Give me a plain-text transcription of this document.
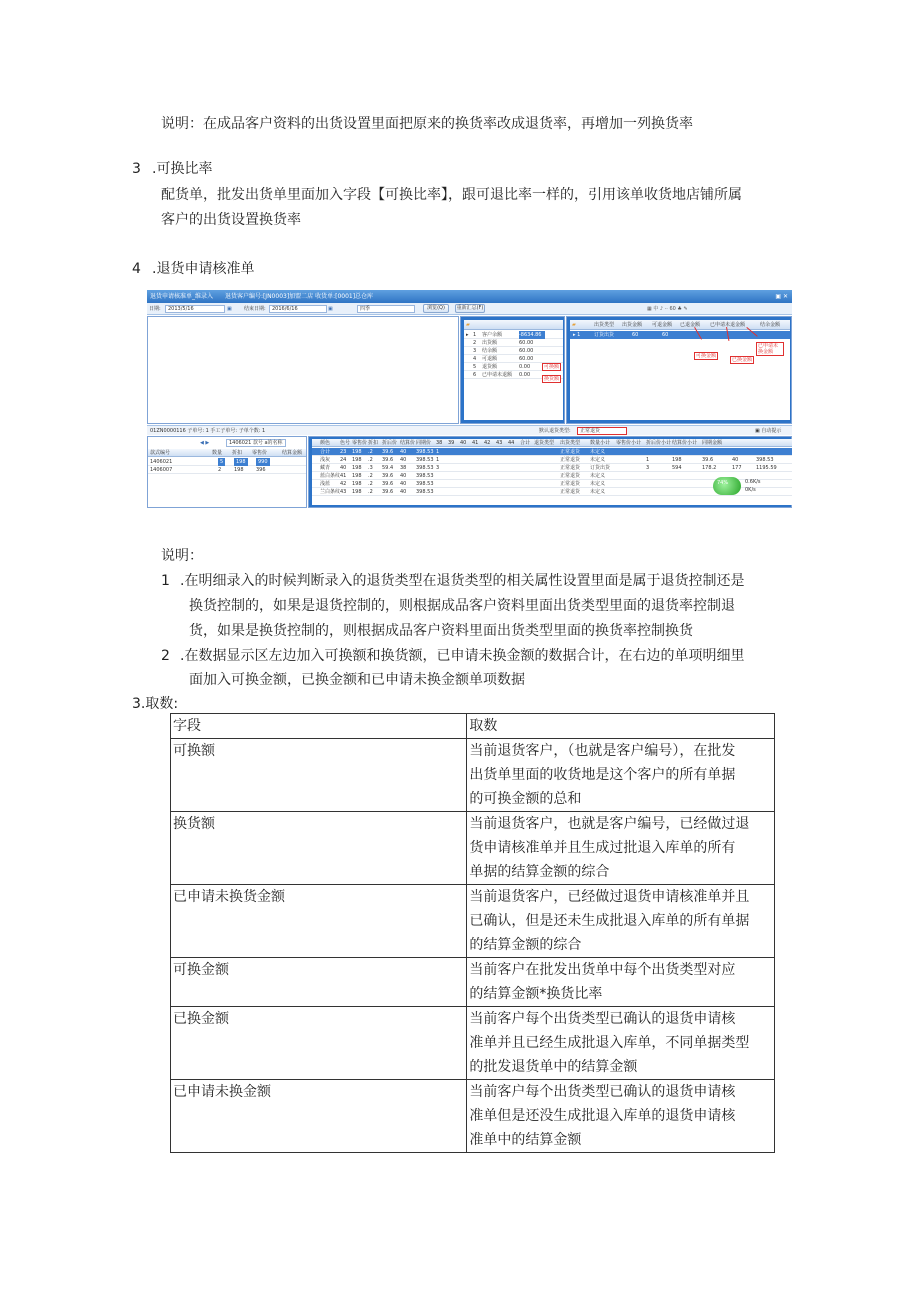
说明：在成品客户资料的出货设置里面把原来的换货率改成退货率，再增加一列换货率
3 .可换比率
配货单，批发出货单里面加入字段【可换比率】，跟可退比率一样的，引用该单收货地店铺所属
客户的出货设置换货率
4 .退货申请核准单
退货申请核准单_维录入 退货客户编号:[JN0003]加盟二店 收货单:[0001]总仓库	▣ ✕
日期:	2013/5/16	▣ 结束日期:	2016/6/16	▣	四季	浏览(Q)	重新汇总(F)	▦ 中 ♪ ·· 60 ♣ ✎
▰
▸ 1 客户余额	-8634.86
2 出货额	60.00
3 结余额	60.00
4 可退额	60.00
5 退货额	0.00
6 已申请未退额 0.00
可换额
换货额
▰	出货类型 出货金额 可退金额 已退金额 已申请未退金额	结余金额
▸ 1	订货出货	60	60
可换金额
已换金额
已申请未换金额
01ZN0000116 子单号: 1 手工子单号: 子单个数: 1	默认退货类型:	正常退货	▣ 自动提示
◀ ▶	1406021 款号 a的名称
款式编号	数量 折扣 零售价	结算金额
1406021	5	198	990
1406007	2	198 396
颜色 色号 零售价 折扣 折后价 结算价 同期价 38 39 40 41 42 43 44 合计 退货类型 出货类型 数量小计 零售价小计 折后价小计 结算价小计 同期金额
合计 23 198 .2 39.6 40 398.53 1	正常退货 未定义
浅灰 24 198 .2 39.6 40 398.53 1	正常退货 未定义	1	198	39.6	40	398.53
藏青 40 198 .3 59.4 38 398.53 3	正常退货 订货出货	3	594	178.2	177	1195.59
蓝白条纹 41 198 .2 39.6 40 398.53	正常退货 未定义
浅蓝 42 198 .2 39.6 40 398.53	正常退货 未定义
兰白条纹 43 198 .2 39.6 40 398.53	正常退货 未定义
74%	0.6K/s
0K/s
说明：
1 .在明细录入的时候判断录入的退货类型在退货类型的相关属性设置里面是属于退货控制还是
换货控制的，如果是退货控制的，则根据成品客户资料里面出货类型里面的退货率控制退
货，如果是换货控制的，则根据成品客户资料里面出货类型里面的换货率控制换货
2 .在数据显示区左边加入可换额和换货额，已申请未换金额的数据合计，在右边的单项明细里
面加入可换金额，已换金额和已申请未换金额单项数据
3.取数:
字段	取数
可换额	当前退货客户，（也就是客户编号），在批发
出货单里面的收货地是这个客户的所有单据
的可换金额的总和

换货额	当前退货客户，也就是客户编号，已经做过退
货申请核准单并且生成过批退入库单的所有
单据的结算金额的综合

已申请未换货金额	当前退货客户，已经做过退货申请核准单并且
已确认，但是还未生成批退入库单的所有单据
的结算金额的综合

可换金额	当前客户在批发出货单中每个出货类型对应
的结算金额*换货比率

已换金额	当前客户每个出货类型已确认的退货申请核
准单并且已经生成批退入库单，不同单据类型
的批发退货单中的结算金额

已申请未换金额	当前客户每个出货类型已确认的退货申请核
准单但是还没生成批退入库单的退货申请核
准单中的结算金额
